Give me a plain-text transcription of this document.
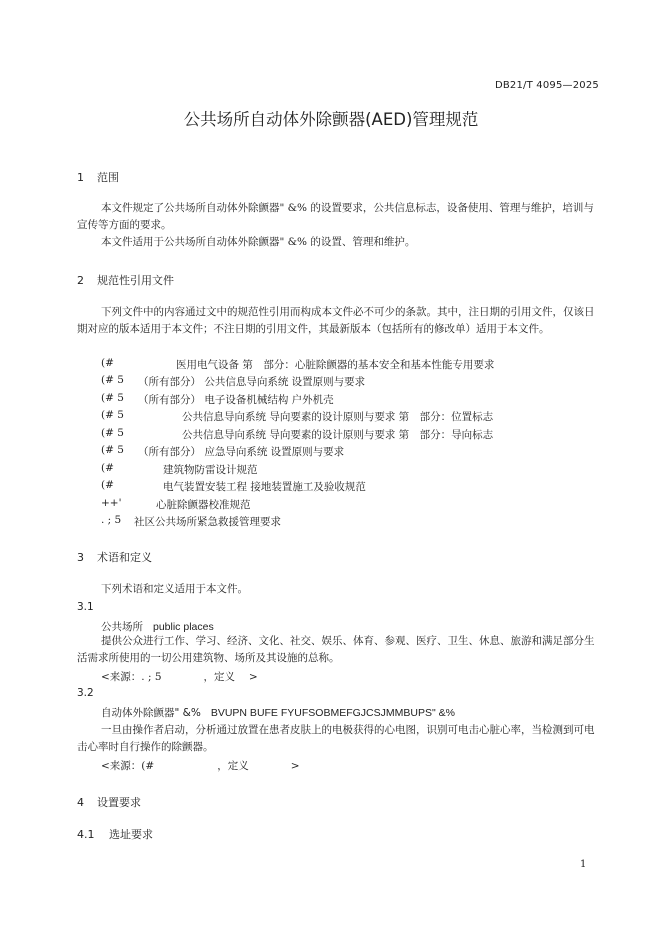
DB21/T 4095—2025
公共场所自动体外除颤器(AED)管理规范
1 范围
本文件规定了公共场所自动体外除颤器" &% 的设置要求，公共信息标志，设备使用、管理与维护，培训与宣传等方面的要求。
本文件适用于公共场所自动体外除颤器" &% 的设置、管理和维护。
2 规范性引用文件
下列文件中的内容通过文中的规范性引用而构成本文件必不可少的条款。其中，注日期的引用文件，仅该日期对应的版本适用于本文件；不注日期的引用文件，其最新版本（包括所有的修改单）适用于本文件。
(#	医用电气设备 第　部分：心脏除颤器的基本安全和基本性能专用要求
(# 5 （所有部分） 公共信息导向系统 设置原则与要求
(# 5 （所有部分） 电子设备机械结构 户外机壳
(# 5	公共信息导向系统 导向要素的设计原则与要求 第　部分：位置标志
(# 5	公共信息导向系统 导向要素的设计原则与要求 第　部分：导向标志
(# 5 （所有部分） 应急导向系统 设置原则与要求
(#	建筑物防雷设计规范
(#	电气装置安装工程 接地装置施工及验收规范
++'	心脏除颤器校准规范
. ; 5 社区公共场所紧急救援管理要求
3 术语和定义
下列术语和定义适用于本文件。
3.1
公共场所 public places
提供公众进行工作、学习、经济、文化、社交、娱乐、体育、参观、医疗、卫生、休息、旅游和满足部分生活需求所使用的一切公用建筑物、场所及其设施的总称。
<来源：. ; 5　　　　，定义　 >
3.2
自动体外除颤器" &% BVUPN BUFE FYUFSOBMEFGJCSJMMBUPS" &%
一旦由操作者启动，分析通过放置在患者皮肤上的电极获得的心电图，识别可电击心脏心率，当检测到可电击心率时自行操作的除颤器。
<来源：(#　　　　　　，定义　　　　>
4 设置要求
4.1 选址要求
1
